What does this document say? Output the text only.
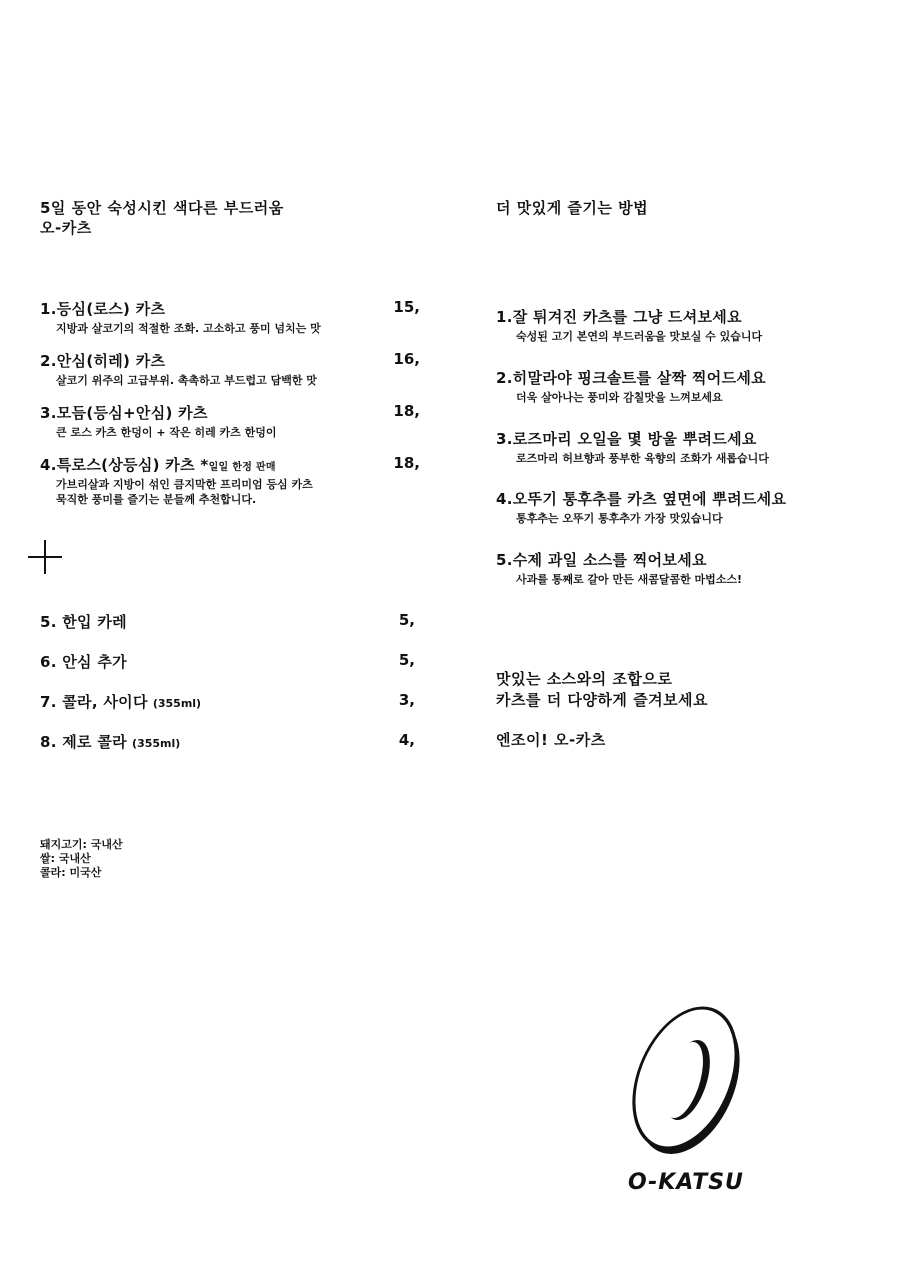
5일 동안 숙성시킨 색다른 부드러움
오-카츠
1.등심(로스) 카츠	15,
지방과 살코기의 적절한 조화. 고소하고 풍미 넘치는 맛
2.안심(히레) 카츠	16,
살코기 위주의 고급부위. 촉촉하고 부드럽고 담백한 맛
3.모듬(등심+안심) 카츠	18,
큰 로스 카츠 한덩이 + 작은 히레 카츠 한덩이
4.특로스(상등심) 카츠 *일일 한정 판매	18,
가브리살과 지방이 섞인 큼지막한 프리미엄 등심 카츠
묵직한 풍미를 즐기는 분들께 추천합니다.
5. 한입 카레	5,
6. 안심 추가	5,
7. 콜라, 사이다 (355ml)	3,
8. 제로 콜라 (355ml)	4,
돼지고기: 국내산
쌀: 국내산
콜라: 미국산
더 맛있게 즐기는 방법
1.잘 튀겨진 카츠를 그냥 드셔보세요
숙성된 고기 본연의 부드러움을 맛보실 수 있습니다
2.히말라야 핑크솔트를 살짝 찍어드세요
더욱 살아나는 풍미와 감칠맛을 느껴보세요
3.로즈마리 오일을 몇 방울 뿌려드세요
로즈마리 허브향과 풍부한 육향의 조화가 새롭습니다
4.오뚜기 통후추를 카츠 옆면에 뿌려드세요
통후추는 오뚜기 통후추가 가장 맛있습니다
5.수제 과일 소스를 찍어보세요
사과를 통째로 갈아 만든 새콤달콤한 마법소스!
맛있는 소스와의 조합으로
카츠를 더 다양하게 즐겨보세요
엔조이! 오-카츠
O-KATSU
